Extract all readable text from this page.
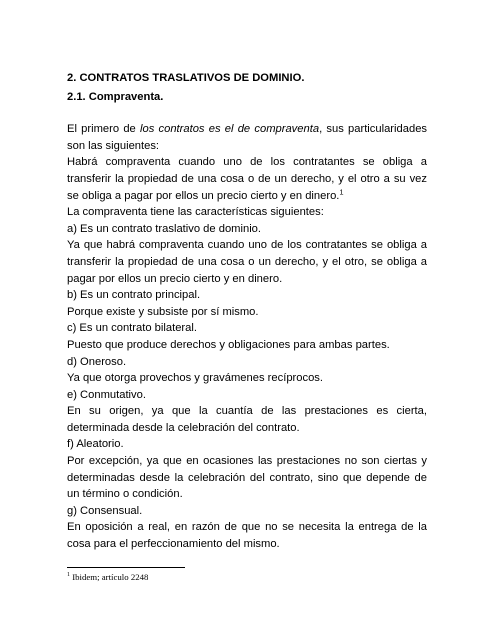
2. CONTRATOS TRASLATIVOS DE DOMINIO.
2.1. Compraventa.

El primero de los contratos es el de compraventa, sus particularidades son las siguientes:

Habrá compraventa cuando uno de los contratantes se obliga a transferir la propiedad de una cosa o de un derecho, y el otro a su vez se obliga a pagar por ellos un precio cierto y en dinero.$^1$

La compraventa tiene las características siguientes:

a) Es un contrato traslativo de dominio.

Ya que habrá compraventa cuando uno de los contratantes se obliga a transferir la propiedad de una cosa o un derecho, y el otro, se obliga a pagar por ellos un precio cierto y en dinero.

b) Es un contrato principal.

Porque existe y subsiste por sí mismo.

c) Es un contrato bilateral.

Puesto que produce derechos y obligaciones para ambas partes.

d) Oneroso.

Ya que otorga provechos y gravámenes recíprocos.

e) Conmutativo.

En su origen, ya que la cuantía de las prestaciones es cierta, determinada desde la celebración del contrato.

f) Aleatorio.

Por excepción, ya que en ocasiones las prestaciones no son ciertas y determinadas desde la celebración del contrato, sino que depende de un término o condición.

g) Consensual.

En oposición a real, en razón de que no se necesita la entrega de la cosa para el perfeccionamiento del mismo.

$^1$ Ibidem; artículo 2248
